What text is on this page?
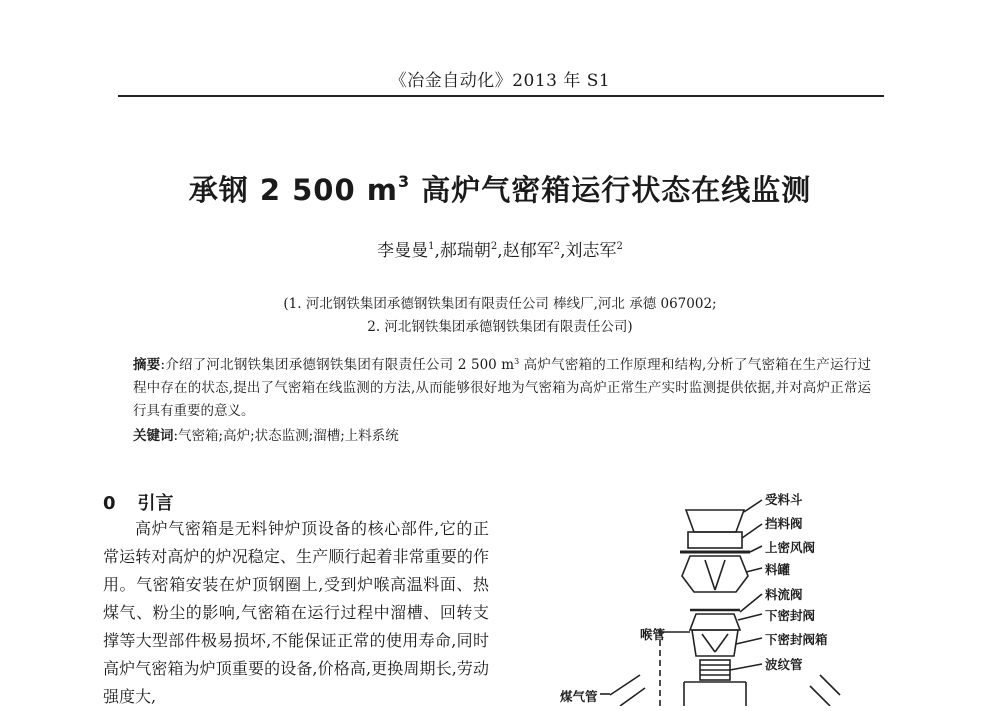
《冶金自动化》2013 年 S1
承钢 2 500 $m^3$ 高炉气密箱运行状态在线监测
李曼曼$^1$,郝瑞朝$^2$,赵郁军$^2$,刘志军$^2$
(1. 河北钢铁集团承德钢铁集团有限责任公司 棒线厂,河北 承德 067002;
2. 河北钢铁集团承德钢铁集团有限责任公司)
摘要:介绍了河北钢铁集团承德钢铁集团有限责任公司 2 500 $m^3$ 高炉气密箱的工作原理和结构,分析了气密箱在生产运行过程中存在的状态,提出了气密箱在线监测的方法,从而能够很好地为气密箱为高炉正常生产实时监测提供依据,并对高炉正常运行具有重要的意义。
关键词:气密箱;高炉;状态监测;溜槽;上料系统
0 引言

高炉气密箱是无料钟炉顶设备的核心部件,它的正常运转对高炉的炉况稳定、生产顺行起着非常重要的作用。气密箱安装在炉顶钢圈上,受到炉喉高温料面、热煤气、粉尘的影响,气密箱在运行过程中溜槽、回转支撑等大型部件极易损坏,不能保证正常的使用寿命,同时高炉气密箱为炉顶重要的设备,价格高,更换周期长,劳动强度大,

受料斗
挡料阀
上密风阀
料罐
料流阀
下密封阀
下密封阀箱
波纹管
喉管
煤气管
